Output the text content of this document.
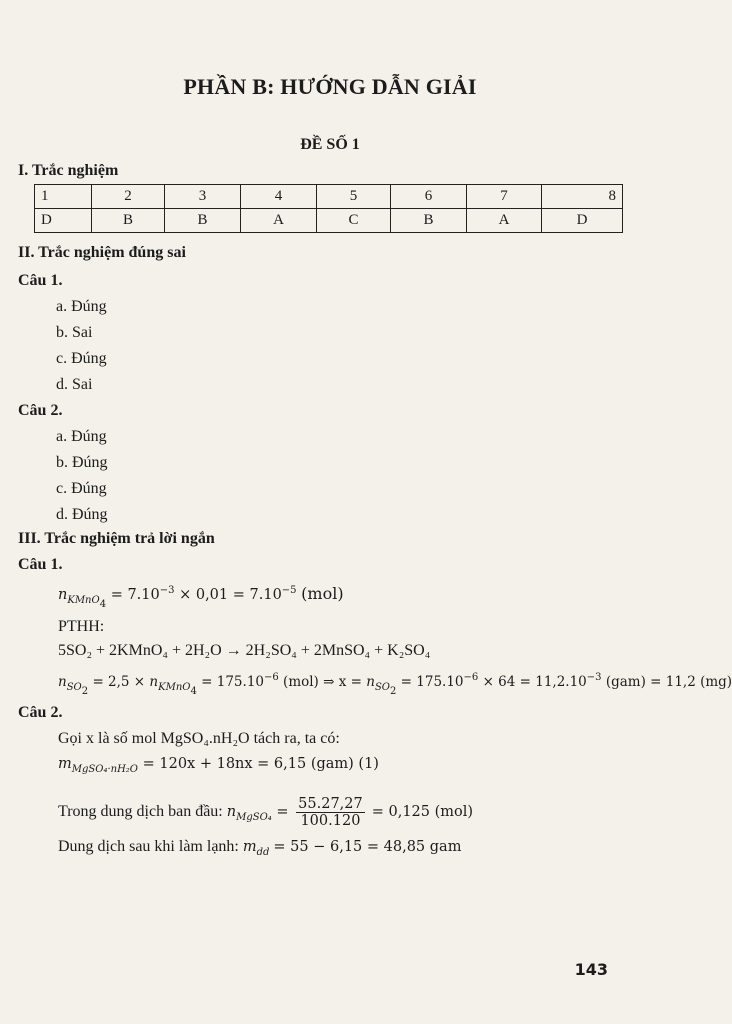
PHẦN B: HƯỚNG DẪN GIẢI
ĐỀ SỐ 1
I. Trắc nghiệm
1	2	3	4	5	6	7	8
D	B	B	A	C	B	A	D
II. Trắc nghiệm đúng sai
Câu 1.
a. Đúng
b. Sai
c. Đúng
d. Sai
Câu 2.
a. Đúng
b. Đúng
c. Đúng
d. Đúng
III. Trắc nghiệm trả lời ngắn
Câu 1.
$n_{KMnO_4} = 7.10^{-3} \times 0,01 = 7.10^{-5}$ (mol)
PTHH:
5SO₂ + 2KMnO₄ + 2H₂O → 2H₂SO₄ + 2MnSO₄ + K₂SO₄
$n_{SO_2} = 2,5 \times n_{KMnO_4} = 175.10^{-6}$ (mol) ⇒ $x = n_{SO_2} = 175.10^{-6} \times 64 = 11,2.10^{-3}$ (gam) = 11,2 (mg)
Câu 2.
Gọi x là số mol MgSO₄.nH₂O tách ra, ta có:
$m_{MgSO_4\cdot nH_2O} = 120x + 18nx = 6,15$ (gam) (1)
Trong dung dịch ban đầu: $n_{MgSO_4} = \frac{55.27,27}{100.120} = 0,125$ (mol)
Dung dịch sau khi làm lạnh: $m_{dd} = 55 - 6,15 = 48,85$ gam
143
